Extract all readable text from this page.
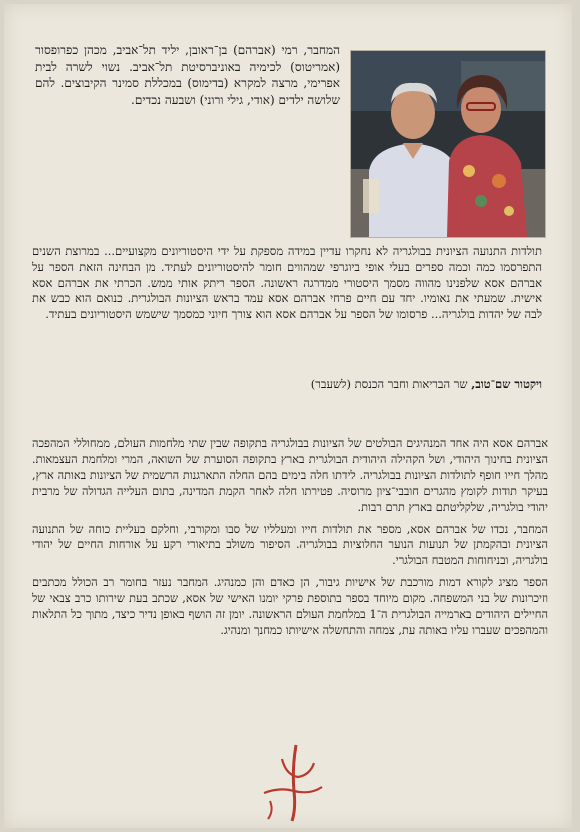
המחבר, רמי (אברהם) בן־ראובן, יליד תל־אביב, מכהן כפרופסור (אמריטוס) לכימיה באוניברסיטת תל־אביב. נשוי לשרה לבית אפרימי, מרצה למקרא (בדימוס) במכללת סמינר הקיבוצים. להם שלושה ילדים (אודי, גילי ורוני) ושבעה נכדים.
תולדות התנועה הציונית בבולגריה לא נחקרו עדיין במידה מספקת על ידי היסטוריונים מקצועיים... במרוצת השנים התפרסמו כמה וכמה ספרים בעלי אופי ביוגרפי שמהווים חומר להיסטוריונים לעתיד. מן הבחינה הזאת הספר על אברהם אסא שלפנינו מהווה מסמך היסטורי ממדרגה ראשונה. הספר ריתק אותי ממש. הכרתי את אברהם אסא אישית. שמעתי את נאומיו. יחד עם חיים פרחי אברהם אסא עמד בראש הציונות הבולגרית. כנואם הוא כבש את לבה של יהדות בולגריה... פרסומו של הספר על אברהם אסא הוא צורך חיוני כמסמך שישמש היסטוריונים בעתיד.
ויקטור שם־טוב, שר הבריאות וחבר הכנסת (לשעבר)

אברהם אסא היה אחד המנהיגים הבולטים של הציונות בבולגריה בתקופה שבין שתי מלחמות העולם, ממחוללי המהפכה הציונית בחינוך היהודי, ושל הקהילה היהודית הבולגרית בארץ בתקופה הסוערת של השואה, המרי ומלחמת העצמאות. מהלך חייו חופף לתולדות הציונות בבולגריה. לידתו חלה בימים בהם החלה התארגנות הרשמית של הציונות באותה ארץ, בעיקר תודות לקומץ מהגרים חובבי־ציון מרוסיה. פטירתו חלה לאחר הקמת המדינה, בתום העלייה הגדולה של מרבית יהודי בולגריה, שלקליטתם בארץ תרם רבות.

המחבר, נכדו של אברהם אסא, מספר את תולדות חייו ומעלליו של סבו ומקורבי, וחלקם בעליית כוחה של התנועה הציונית ובהקמתן של תנועות הנוער החלוציות בבולגריה. הסיפור משולב בתיאורי רקע על אורחות החיים של יהודי בולגריה, ובניחוחות המטבח הבולגרי.

הספר מציג לקורא דמות מורכבת של אישיות גיבור, הן כאדם והן כמנהיג. המחבר נעזר בחומר רב הכולל מכתבים וזיכרונות של בני המשפחה. מקום מיוחד בספר בתוספת פרקי יומנו האישי של אסא, שכתב בעת שירותו כרב צבאי של החיילים היהודים בארמייה הבולגרית ה־1 במלחמת העולם הראשונה. יומן זה הושף באופן נדיר כיצד, מתוך כל התלאות והמהפכים שעברו עליו באותה עת, צמחה והתחשלה אישיותו כמחנך ומנהיג.
